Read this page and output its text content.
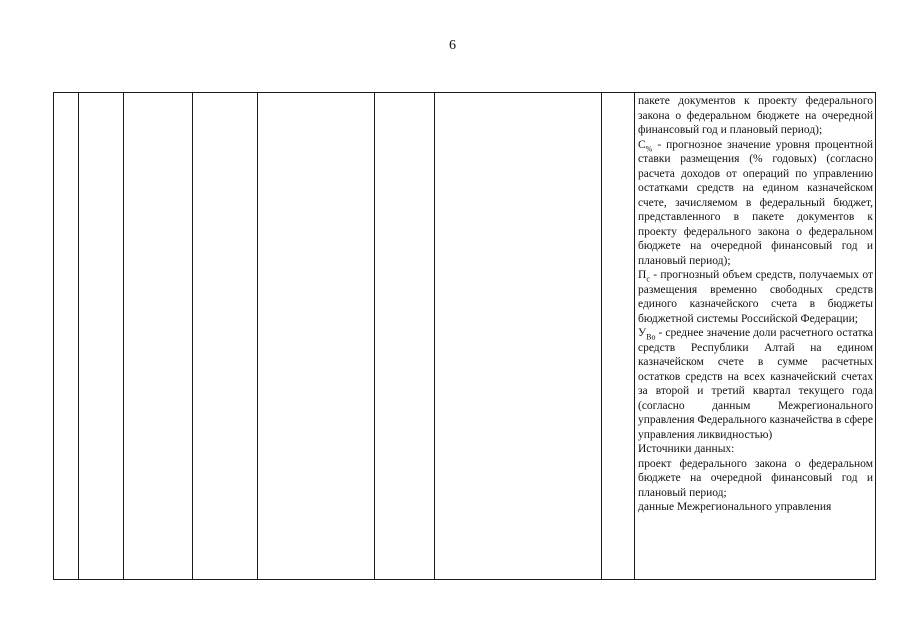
6

пакете документов к проекту федерального закона о федеральном бюджете на очередной финансовый год и плановый период);

$С_{\%}$ - прогнозное значение уровня процентной ставки размещения (% годовых) (согласно расчета доходов от операций по управлению остатками средств на едином казначейском счете, зачисляемом в федеральный бюджет, представленного в пакете документов к проекту федерального закона о федеральном бюджете на очередной финансовый год и плановый период);

$П_с$ - прогнозный объем средств, получаемых от размещения временно свободных средств единого казначейского счета в бюджеты бюджетной системы Российской Федерации;

$У_{Во}$ - среднее значение доли расчетного остатка средств Республики Алтай на едином казначейском счете в сумме расчетных остатков средств на всех казначейский счетах за второй и третий квартал текущего года (согласно данным Межрегионального управления Федерального казначейства в сфере управления ликвидностью)

Источники данных:

проект федерального закона о федеральном бюджете на очередной финансовый год и плановый период;

данные Межрегионального управления
